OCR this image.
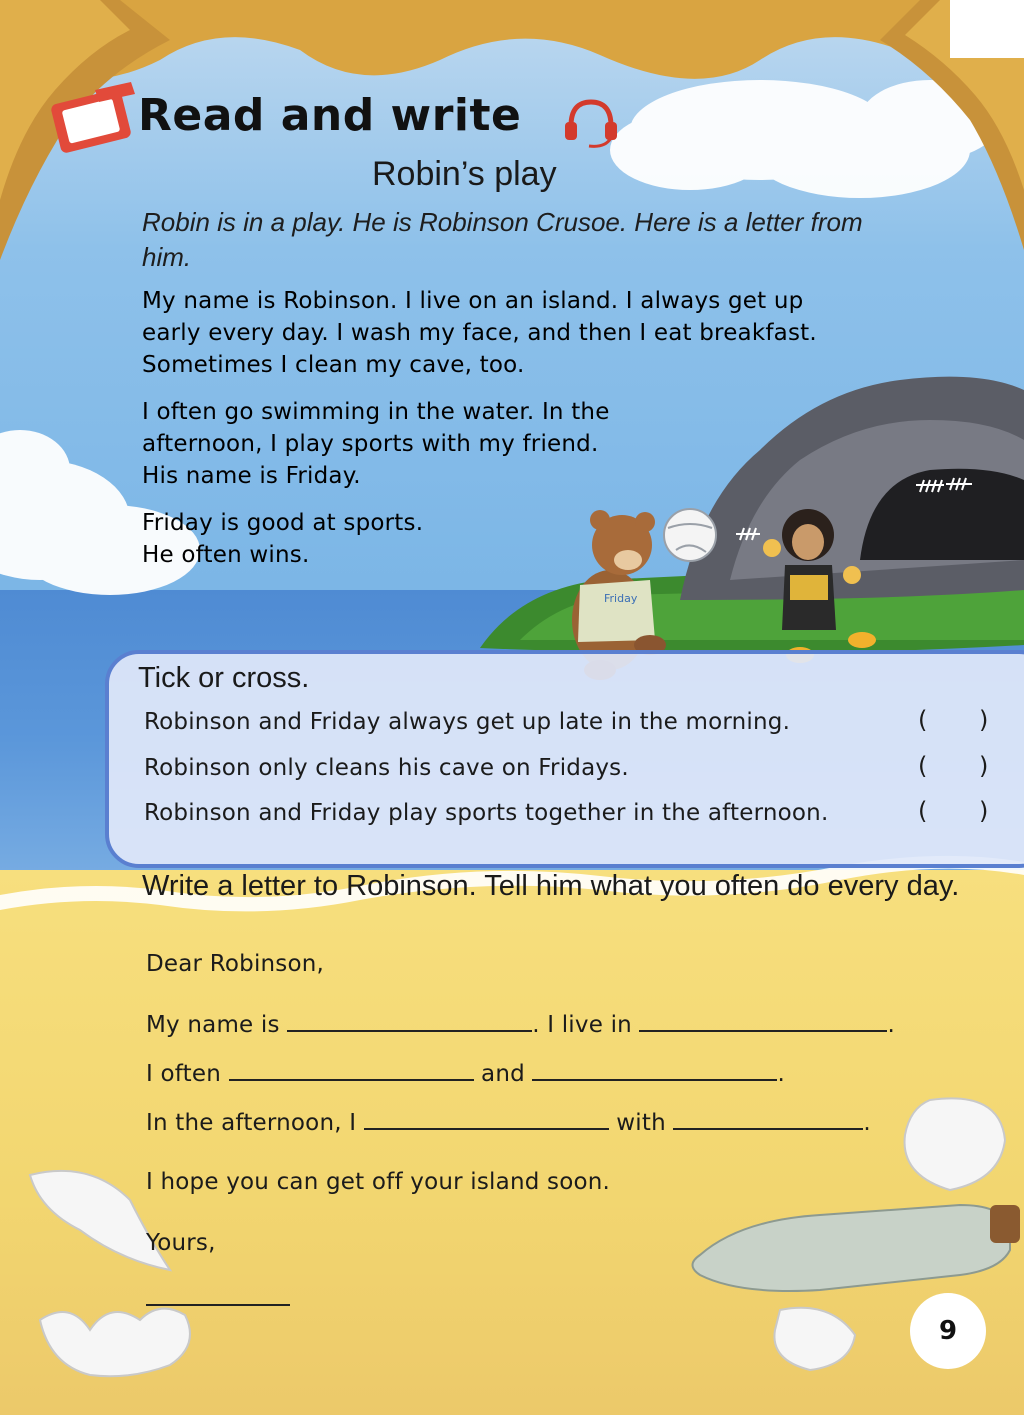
Friday
Read and write
Robin’s play
Robin is in a play. He is Robinson Crusoe. Here is a letter from him.
My name is Robinson. I live on an island. I always get up
early every day. I wash my face, and then I eat breakfast.
Sometimes I clean my cave, too.
I often go swimming in the water. In the
afternoon, I play sports with my friend.
His name is Friday.
Friday is good at sports.
He often wins.
Tick or cross.
Robinson and Friday always get up late in the morning.	( )
Robinson only cleans his cave on Fridays.	( )
Robinson and Friday play sports together in the afternoon.	( )
Write a letter to Robinson. Tell him what you often do every day.
Dear Robinson,
My name is	. I live in	.
I often	and	.
In the afternoon, I	with	.
I hope you can get off your island soon.
Yours,
9
